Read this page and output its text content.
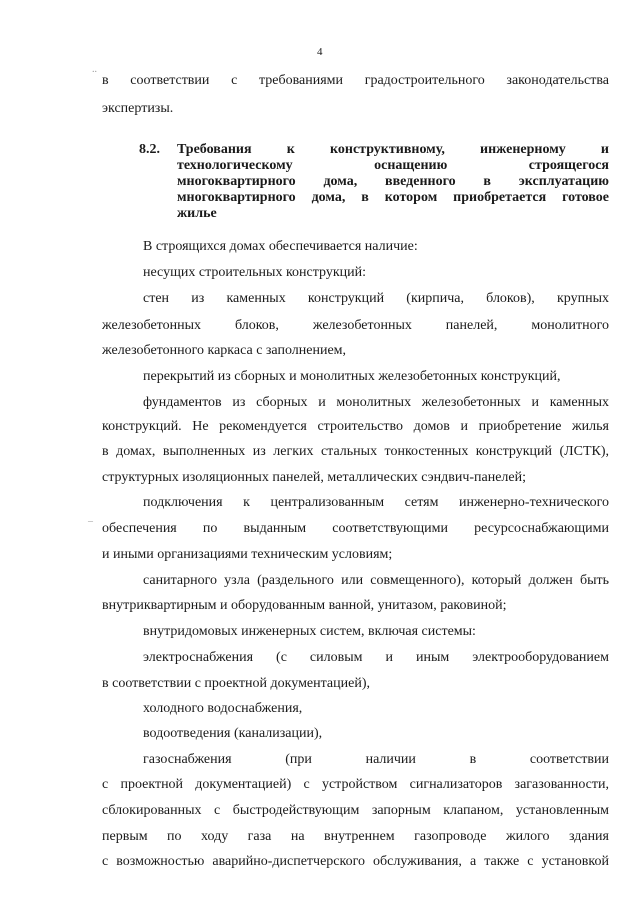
4
..
–
в соответствии с требованиями градостроительного законодательства
экспертизы.
8.2. Требования к конструктивному, инженерному и
технологическому оснащению строящегося
многоквартирного дома, введенного в эксплуатацию
многоквартирного дома, в котором приобретается готовое
жилье
В строящихся домах обеспечивается наличие:
несущих строительных конструкций:
стен из каменных конструкций (кирпича, блоков), крупных
железобетонных блоков, железобетонных панелей, монолитного
железобетонного каркаса с заполнением,
перекрытий из сборных и монолитных железобетонных конструкций,
фундаментов из сборных и монолитных железобетонных и каменных
конструкций. Не рекомендуется строительство домов и приобретение жилья
в домах, выполненных из легких стальных тонкостенных конструкций (ЛСТК),
структурных изоляционных панелей, металлических сэндвич-панелей;
подключения к централизованным сетям инженерно-технического
обеспечения по выданным соответствующими ресурсоснабжающими
и иными организациями техническим условиям;
санитарного узла (раздельного или совмещенного), который должен быть
внутриквартирным и оборудованным ванной, унитазом, раковиной;
внутридомовых инженерных систем, включая системы:
электроснабжения (с силовым и иным электрооборудованием
в соответствии с проектной документацией),
холодного водоснабжения,
водоотведения (канализации),
газоснабжения (при наличии в соответствии
с проектной документацией) с устройством сигнализаторов загазованности,
сблокированных с быстродействующим запорным клапаном, установленным
первым по ходу газа на внутреннем газопроводе жилого здания
с возможностью аварийно-диспетчерского обслуживания, а также с установкой
